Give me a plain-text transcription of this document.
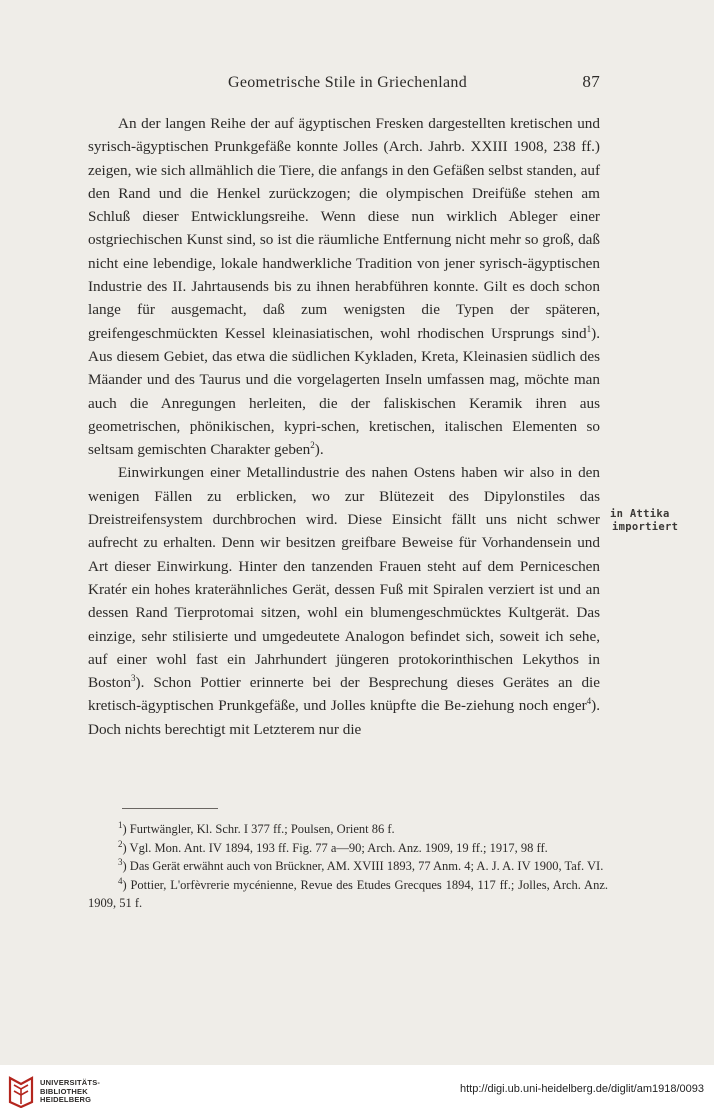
Geometrische Stile in Griechenland	87

An der langen Reihe der auf ägyptischen Fresken dargestellten kretischen und syrisch-ägyptischen Prunkgefäße konnte Jolles (Arch. Jahrb. XXIII 1908, 238 ff.) zeigen, wie sich allmählich die Tiere, die anfangs in den Gefäßen selbst standen, auf den Rand und die Henkel zurückzogen; die olympischen Dreifüße stehen am Schluß dieser Entwicklungsreihe. Wenn diese nun wirklich Ableger einer ostgriechischen Kunst sind, so ist die räumliche Entfernung nicht mehr so groß, daß nicht eine lebendige, lokale handwerkliche Tradition von jener syrisch-ägyptischen Industrie des II. Jahrtausends bis zu ihnen herabführen konnte. Gilt es doch schon lange für ausgemacht, daß zum wenigsten die Typen der späteren, greifengeschmückten Kessel kleinasiatischen, wohl rhodischen Ursprungs sind$^1$). Aus diesem Gebiet, das etwa die südlichen Kykladen, Kreta, Kleinasien südlich des Mäander und des Taurus und die vorgelagerten Inseln umfassen mag, möchte man auch die Anregungen herleiten, die der faliskischen Keramik ihren aus geometrischen, phönikischen, kypri-schen, kretischen, italischen Elementen so seltsam gemischten Charakter geben$^2$).

Einwirkungen einer Metallindustrie des nahen Ostens haben wir also in den wenigen Fällen zu erblicken, wo zur Blütezeit des Dipylonstiles das Dreistreifensystem durchbrochen wird. Diese Einsicht fällt uns nicht schwer aufrecht zu erhalten. Denn wir besitzen greifbare Beweise für Vorhandensein und Art dieser Einwirkung. Hinter den tanzenden Frauen steht auf dem Perniceschen Kratér ein hohes kraterähnliches Gerät, dessen Fuß mit Spiralen verziert ist und an dessen Rand Tierprotomai sitzen, wohl ein blumengeschmücktes Kultgerät. Das einzige, sehr stilisierte und umgedeutete Analogon befindet sich, soweit ich sehe, auf einer wohl fast ein Jahrhundert jüngeren protokorinthischen Lekythos in Boston$^3$). Schon Pottier erinnerte bei der Besprechung dieses Gerätes an die kretisch-ägyptischen Prunkgefäße, und Jolles knüpfte die Be-ziehung noch enger$^4$). Doch nichts berechtigt mit Letzterem nur die

in Attika
importiert

$^1$) Furtwängler, Kl. Schr. I 377 ff.; Poulsen, Orient 86 f.

$^2$) Vgl. Mon. Ant. IV 1894, 193 ff. Fig. 77 a—90; Arch. Anz. 1909, 19 ff.; 1917, 98 ff.

$^3$) Das Gerät erwähnt auch von Brückner, AM. XVIII 1893, 77 Anm. 4; A. J. A. IV 1900, Taf. VI.

$^4$) Pottier, L'orfèvrerie mycénienne, Revue des Etudes Grecques 1894, 117 ff.; Jolles, Arch. Anz. 1909, 51 f.

UNIVERSITÄTS-
BIBLIOTHEK
HEIDELBERG
http://digi.ub.uni-heidelberg.de/diglit/am1918/0093
